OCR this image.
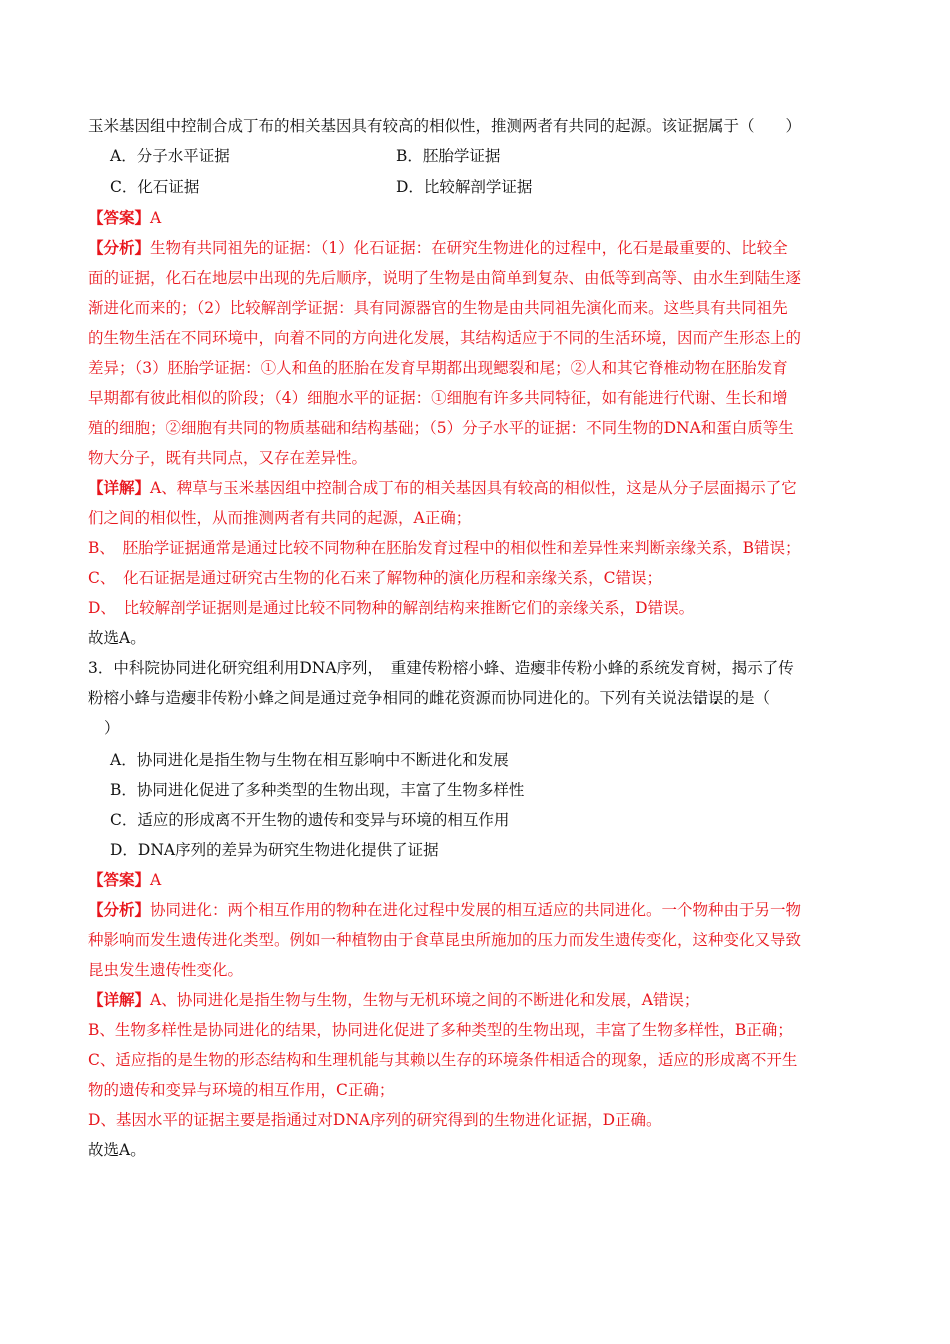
玉米基因组中控制合成丁布的相关基因具有较高的相似性，推测两者有共同的起源。该证据属于（　　）
A．分子水平证据	B．胚胎学证据
C．化石证据	D．比较解剖学证据
【答案】A
【分析】生物有共同祖先的证据：（1）化石证据：在研究生物进化的过程中，化石是最重要的、比较全
面的证据，化石在地层中出现的先后顺序，说明了生物是由简单到复杂、由低等到高等、由水生到陆生逐
渐进化而来的；（2）比较解剖学证据：具有同源器官的生物是由共同祖先演化而来。这些具有共同祖先
的生物生活在不同环境中，向着不同的方向进化发展，其结构适应于不同的生活环境，因而产生形态上的
差异；（3）胚胎学证据：①人和鱼的胚胎在发育早期都出现鳃裂和尾；②人和其它脊椎动物在胚胎发育
早期都有彼此相似的阶段；（4）细胞水平的证据：①细胞有许多共同特征，如有能进行代谢、生长和增
殖的细胞；②细胞有共同的物质基础和结构基础；（5）分子水平的证据：不同生物的DNA和蛋白质等生
物大分子，既有共同点，又存在差异性。
【详解】A、稗草与玉米基因组中控制合成丁布的相关基因具有较高的相似性，这是从分子层面揭示了它
们之间的相似性，从而推测两者有共同的起源，A正确；
B、　胚胎学证据通常是通过比较不同物种在胚胎发育过程中的相似性和差异性来判断亲缘关系，B错误；
C、　化石证据是通过研究古生物的化石来了解物种的演化历程和亲缘关系，C错误；
D、　比较解剖学证据则是通过比较不同物种的解剖结构来推断它们的亲缘关系，D错误。
故选A。
3．中科院协同进化研究组利用DNA序列，　重建传粉榕小蜂、造瘿非传粉小蜂的系统发育树，揭示了传
粉榕小蜂与造瘿非传粉小蜂之间是通过竞争相同的雌花资源而协同进化的。下列有关说法错误的是（
）
A．协同进化是指生物与生物在相互影响中不断进化和发展
B．协同进化促进了多种类型的生物出现，丰富了生物多样性
C．适应的形成离不开生物的遗传和变异与环境的相互作用
D．DNA序列的差异为研究生物进化提供了证据
【答案】A
【分析】协同进化：两个相互作用的物种在进化过程中发展的相互适应的共同进化。一个物种由于另一物
种影响而发生遗传进化类型。例如一种植物由于食草昆虫所施加的压力而发生遗传变化，这种变化又导致
昆虫发生遗传性变化。
【详解】A、协同进化是指生物与生物，生物与无机环境之间的不断进化和发展，A错误；
B、生物多样性是协同进化的结果，协同进化促进了多种类型的生物出现，丰富了生物多样性，B正确；
C、适应指的是生物的形态结构和生理机能与其赖以生存的环境条件相适合的现象，适应的形成离不开生
物的遗传和变异与环境的相互作用，C正确；
D、基因水平的证据主要是指通过对DNA序列的研究得到的生物进化证据，D正确。
故选A。
